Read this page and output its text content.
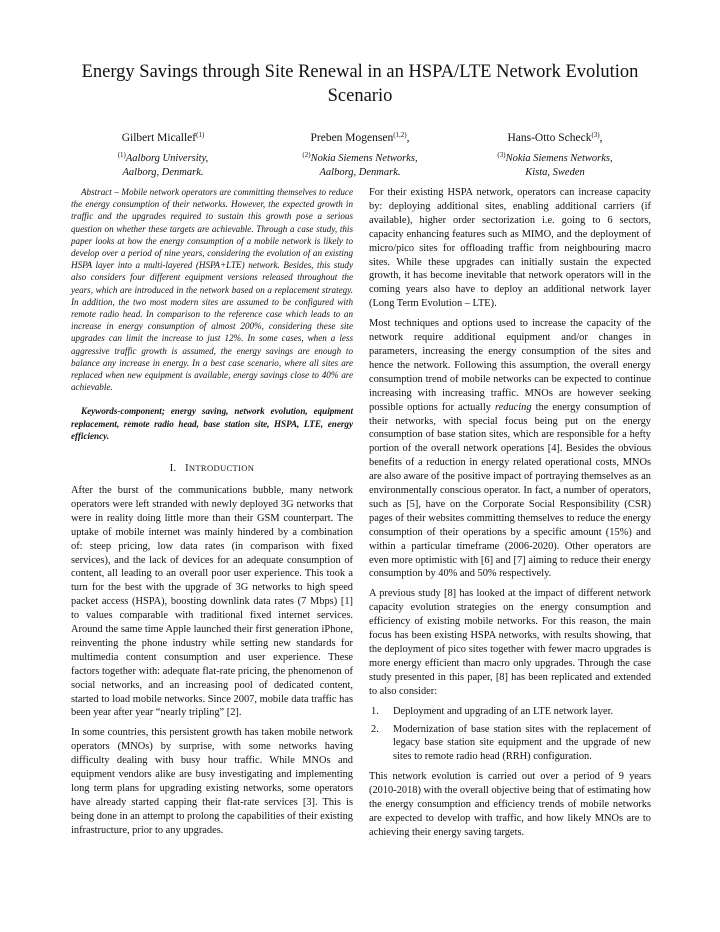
Energy Savings through Site Renewal in an HSPA/LTE Network Evolution Scenario
Gilbert Micallef$^{(1)}$
$^{(1)}$Aalborg University,
Aalborg, Denmark.
Preben Mogensen$^{(1,2)}$,
$^{(2)}$Nokia Siemens Networks,
Aalborg, Denmark.
Hans-Otto Scheck$^{(3)}$,
$^{(3)}$Nokia Siemens Networks,
Kista, Sweden

Abstract – Mobile network operators are committing themselves to reduce the energy consumption of their networks. However, the expected growth in traffic and the upgrades required to sustain this growth pose a serious question on whether these targets are achievable. Through a case study, this paper looks at how the energy consumption of a mobile network is likely to develop over a period of nine years, considering the evolution of an existing HSPA layer into a multi-layered (HSPA+LTE) network. Besides, this study also considers four different equipment versions released throughout the years, which are introduced in the network based on a replacement strategy. In addition, the two most modern sites are assumed to be configured with remote radio head. In comparison to the reference case which leads to an increase in energy consumption of almost 200%, considering these site upgrades can limit the increase to just 12%. In some cases, when a less aggressive traffic growth is assumed, the energy savings are enough to balance any increase in energy. In a best case scenario, where all sites are replaced when new equipment is available, energy savings close to 40% are achievable.

Keywords-component; energy saving, network evolution, equipment replacement, remote radio head, base station site, HSPA, LTE, energy efficiency.

I. INTRODUCTION

After the burst of the communications bubble, many network operators were left stranded with newly deployed 3G networks that were in reality doing little more than their GSM counterpart. The uptake of mobile internet was mainly hindered by a combination of: steep pricing, low data rates (in comparison with fixed services), and the lack of devices for an adequate consumption of content, all leading to an overall poor user experience. This took a turn for the best with the upgrade of 3G networks to high speed packet access (HSPA), boosting downlink data rates (7 Mbps) [1] to values comparable with traditional fixed internet services. Around the same time Apple launched their first generation iPhone, reinventing the phone industry while setting new standards for multimedia content consumption and user experience. These factors together with: adequate flat-rate pricing, the phenomenon of social networks, and an increasing pool of dedicated content, started to load mobile networks. Since 2007, mobile data traffic has been year after year “nearly tripling” [2].

In some countries, this persistent growth has taken mobile network operators (MNOs) by surprise, with some networks having difficulty dealing with busy hour traffic. While MNOs and equipment vendors alike are busy investigating and implementing long term plans for upgrading existing networks, some operators have already started capping their flat-rate services [3]. This is being done in an attempt to prolong the capabilities of their existing infrastructure, prior to any upgrades.

For their existing HSPA network, operators can increase capacity by: deploying additional sites, enabling additional carriers (if available), higher order sectorization i.e. going to 6 sectors, capacity enhancing features such as MIMO, and the deployment of micro/pico sites for offloading traffic from neighbouring macro sites. While these upgrades can initially sustain the expected growth, it has become inevitable that network operators will in the coming years also have to deploy an additional network layer (Long Term Evolution – LTE).

Most techniques and options used to increase the capacity of the network require additional equipment and/or changes in parameters, increasing the energy consumption of the sites and hence the network. Following this assumption, the overall energy consumption trend of mobile networks can be expected to continue increasing with increasing traffic. MNOs are however seeking possible options for actually reducing the energy consumption of their networks, with special focus being put on the energy consumption of base station sites, which are responsible for a hefty portion of the overall network operations [4]. Besides the obvious benefits of a reduction in energy related operational costs, MNOs are also aware of the positive impact of portraying themselves as an environmentally conscious operator. In fact, a number of operators, such as [5], have on the Corporate Social Responsibility (CSR) pages of their websites committing themselves to reduce the energy consumption of their operations by a specific amount (15%) and within a particular timeframe (2006-2020). Other operators are even more optimistic with [6] and [7] aiming to reduce their energy consumption by 40% and 50% respectively.

A previous study [8] has looked at the impact of different network capacity evolution strategies on the energy consumption and efficiency of existing mobile networks. For this reason, the main focus has been existing HSPA networks, with results showing, that the deployment of pico sites together with fewer macro upgrades is more energy efficient than macro only upgrades. Through the case study presented in this paper, [8] has been replicated and extended to also consider:

1. Deployment and upgrading of an LTE network layer.
2. Modernization of base station sites with the replacement of legacy base station site equipment and the upgrade of new sites to remote radio head (RRH) configuration.

This network evolution is carried out over a period of 9 years (2010-2018) with the overall objective being that of estimating how the energy consumption and efficiency trends of mobile networks are expected to develop with traffic, and how likely MNOs are to achieving their energy saving targets.
